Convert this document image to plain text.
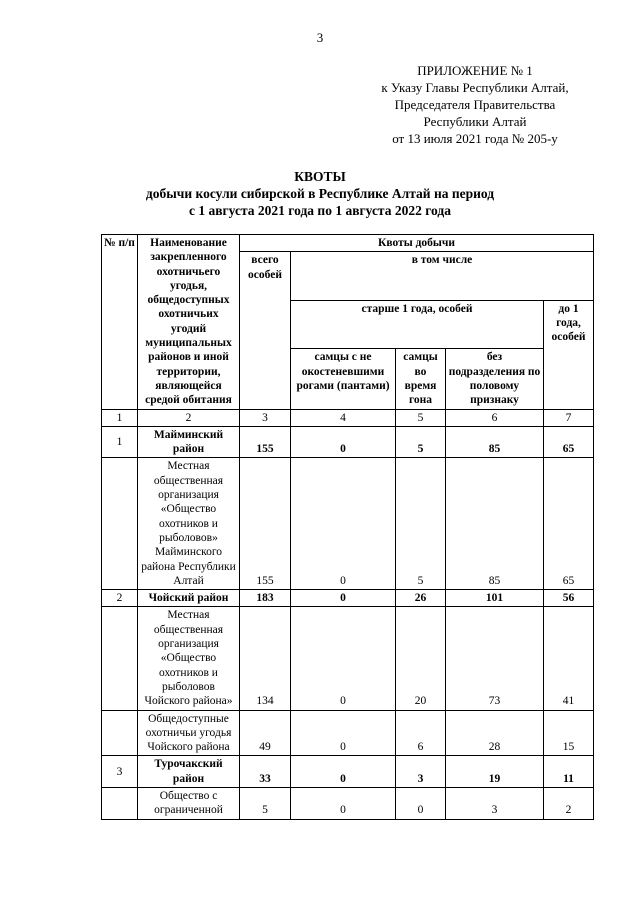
3
ПРИЛОЖЕНИЕ № 1
к Указу Главы Республики Алтай,
Председателя Правительства
Республики Алтай
от 13 июля 2021 года № 205-у
КВОТЫ
добычи косули сибирской в Республике Алтай на период
с 1 августа 2021 года по 1 августа 2022 года
№ п/п	Наименование закрепленного охотничьего угодья, общедоступных охотничьих угодий муниципальных районов и иной территории, являющейся средой обитания	Квоты добычи				
		всего особей	в том числе			
			старше 1 года, особей			до 1 года, особей
			самцы с не окостеневшими рогами (пантами)	самцы во время гона	без подразделения по половому признаку	
1	2	3	4	5	6	7
1	Майминский район	155	0	5	85	65
	Местная общественная организация «Общество охотников и рыболовов» Майминского района Республики Алтай	155	0	5	85	65
2	Чойский район	183	0	26	101	56
	Местная общественная организация «Общество охотников и рыболовов Чойского района»	134	0	20	73	41
	Общедоступные охотничьи угодья Чойского района	49	0	6	28	15
3	Турочакский район	33	0	3	19	11
	Общество с ограниченной	5	0	0	3	2
